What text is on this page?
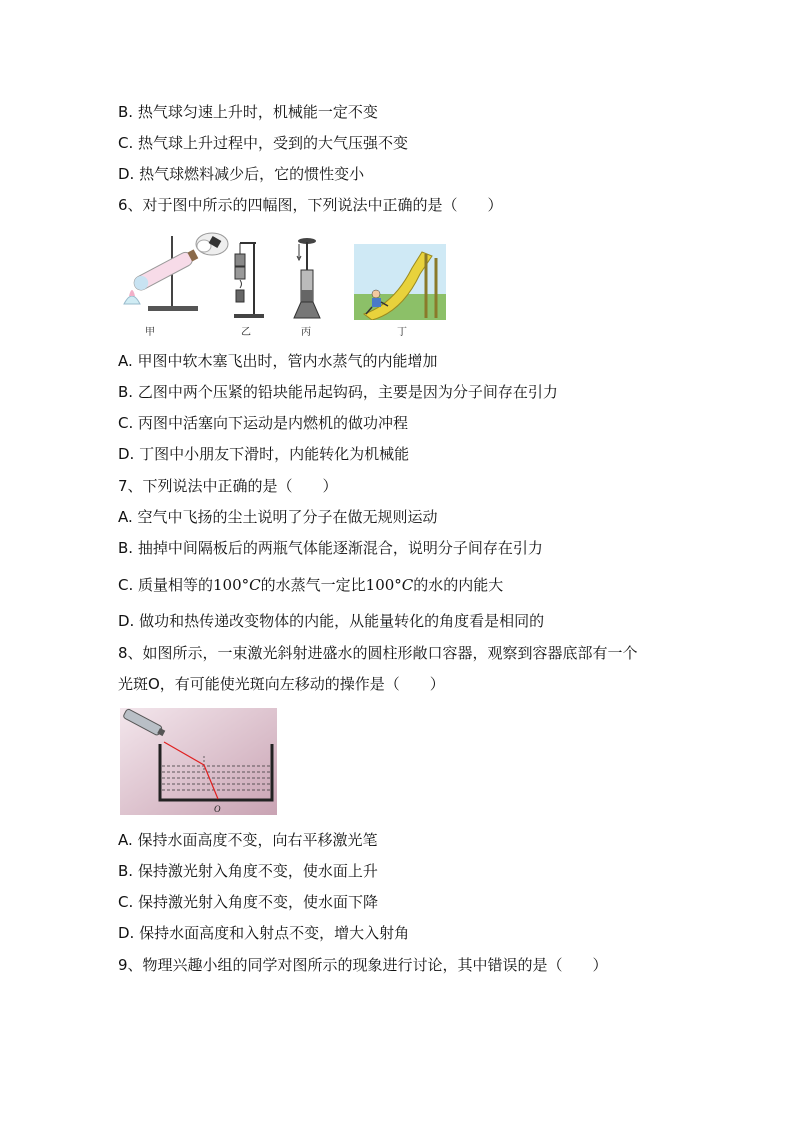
B. 热气球匀速上升时，机械能一定不变
C. 热气球上升过程中，受到的大气压强不变
D. 热气球燃料减少后，它的惯性变小
6、对于图中所示的四幅图，下列说法中正确的是（　　）
甲	乙	丙	丁
A. 甲图中软木塞飞出时，管内水蒸气的内能增加
B. 乙图中两个压紧的铅块能吊起钩码，主要是因为分子间存在引力
C. 丙图中活塞向下运动是内燃机的做功冲程
D. 丁图中小朋友下滑时，内能转化为机械能
7、下列说法中正确的是（　　）
A. 空气中飞扬的尘土说明了分子在做无规则运动
B. 抽掉中间隔板后的两瓶气体能逐渐混合，说明分子间存在引力
C. 质量相等的100°C的水蒸气一定比100°C的水的内能大
D. 做功和热传递改变物体的内能，从能量转化的角度看是相同的
8、如图所示，一束激光斜射进盛水的圆柱形敞口容器，观察到容器底部有一个
光斑O，有可能使光斑向左移动的操作是（　　）
O
A. 保持水面高度不变，向右平移激光笔
B. 保持激光射入角度不变，使水面上升
C. 保持激光射入角度不变，使水面下降
D. 保持水面高度和入射点不变，增大入射角
9、物理兴趣小组的同学对图所示的现象进行讨论，其中错误的是（　　）
